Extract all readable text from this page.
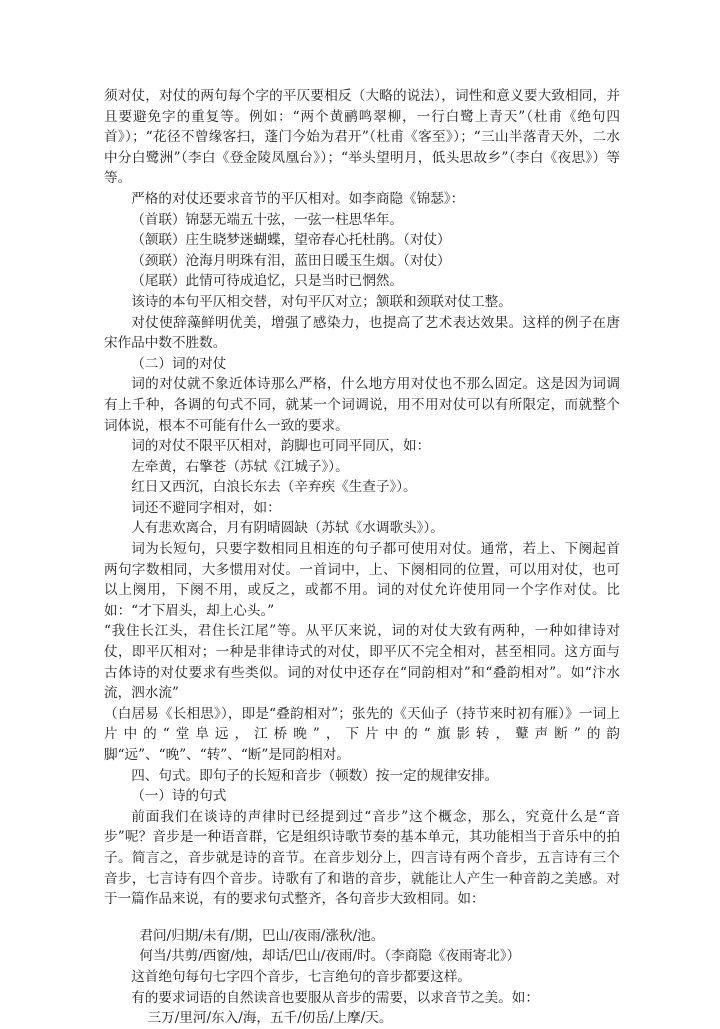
须对仗，对仗的两句每个字的平仄要相反（大略的说法），词性和意义要大致相同，并且要避免字的重复等。例如：“两个黄鹂鸣翠柳，一行白鹭上青天”（杜甫《绝句四首》）；“花径不曾缘客扫，蓬门今始为君开”（杜甫《客至》）；“三山半落青天外，二水中分白鹭洲”（李白《登金陵凤凰台》）；“举头望明月，低头思故乡”（李白《夜思》）等等。

严格的对仗还要求音节的平仄相对。如李商隐《锦瑟》：

（首联）锦瑟无端五十弦，一弦一柱思华年。

（颔联）庄生晓梦迷蝴蝶，望帝春心托杜鹃。（对仗）

（颈联）沧海月明珠有泪，蓝田日暖玉生烟。（对仗）

（尾联）此情可待成追忆，只是当时已惘然。

该诗的本句平仄相交替，对句平仄对立；颔联和颈联对仗工整。

对仗使辞藻鲜明优美，增强了感染力，也提高了艺术表达效果。这样的例子在唐宋作品中数不胜数。

（二）词的对仗

词的对仗就不象近体诗那么严格，什么地方用对仗也不那么固定。这是因为词调有上千种，各调的句式不同，就某一个词调说，用不用对仗可以有所限定，而就整个词体说，根本不可能有什么一致的要求。

词的对仗不限平仄相对，韵脚也可同平同仄，如：

左牵黄，右擎苍（苏轼《江城子》）。

红日又西沉，白浪长东去（辛弃疾《生查子》）。

词还不避同字相对，如：

人有悲欢离合，月有阴晴圆缺（苏轼《水调歌头》）。

词为长短句，只要字数相同且相连的句子都可使用对仗。通常，若上、下阕起首两句字数相同，大多惯用对仗。一首词中，上、下阕相同的位置，可以用对仗，也可以上阕用，下阕不用，或反之，或都不用。词的对仗允许使用同一个字作对仗。比如：“才下眉头，却上心头。”

“我住长江头，君住长江尾”等。从平仄来说，词的对仗大致有两种，一种如律诗对仗，即平仄相对；一种是非律诗式的对仗，即平仄不完全相对，甚至相同。这方面与古体诗的对仗要求有些类似。词的对仗中还存在“同韵相对”和“叠韵相对”。如“汴水流，泗水流”

（白居易《长相思》），即是“叠韵相对”；张先的《天仙子（持节来时初有雁）》一词上片中的“堂阜远，江桥晚”，下片中的“旗影转，鼙声断”的韵脚“远”、“晚”、“转”、“断”是同韵相对。

四、句式。即句子的长短和音步（顿数）按一定的规律安排。

（一）诗的句式

前面我们在谈诗的声律时已经提到过“音步”这个概念，那么，究竟什么是“音步”呢？音步是一种语音群，它是组织诗歌节奏的基本单元，其功能相当于音乐中的拍子。简言之，音步就是诗的音节。在音步划分上，四言诗有两个音步，五言诗有三个音步，七言诗有四个音步。诗歌有了和谐的音步，就能让人产生一种音韵之美感。对于一篇作品来说，有的要求句式整齐，各句音步大致相同。如：

君问/归期/未有/期，巴山/夜雨/涨秋/池。

何当/共剪/西窗/烛，却话/巴山/夜雨/时。（李商隐《夜雨寄北》）

这首绝句每句七字四个音步，七言绝句的音步都要这样。

有的要求词语的自然读音也要服从音步的需要，以求音节之美。如：

三万/里河/东入/海，五千/仞岳/上摩/天。
